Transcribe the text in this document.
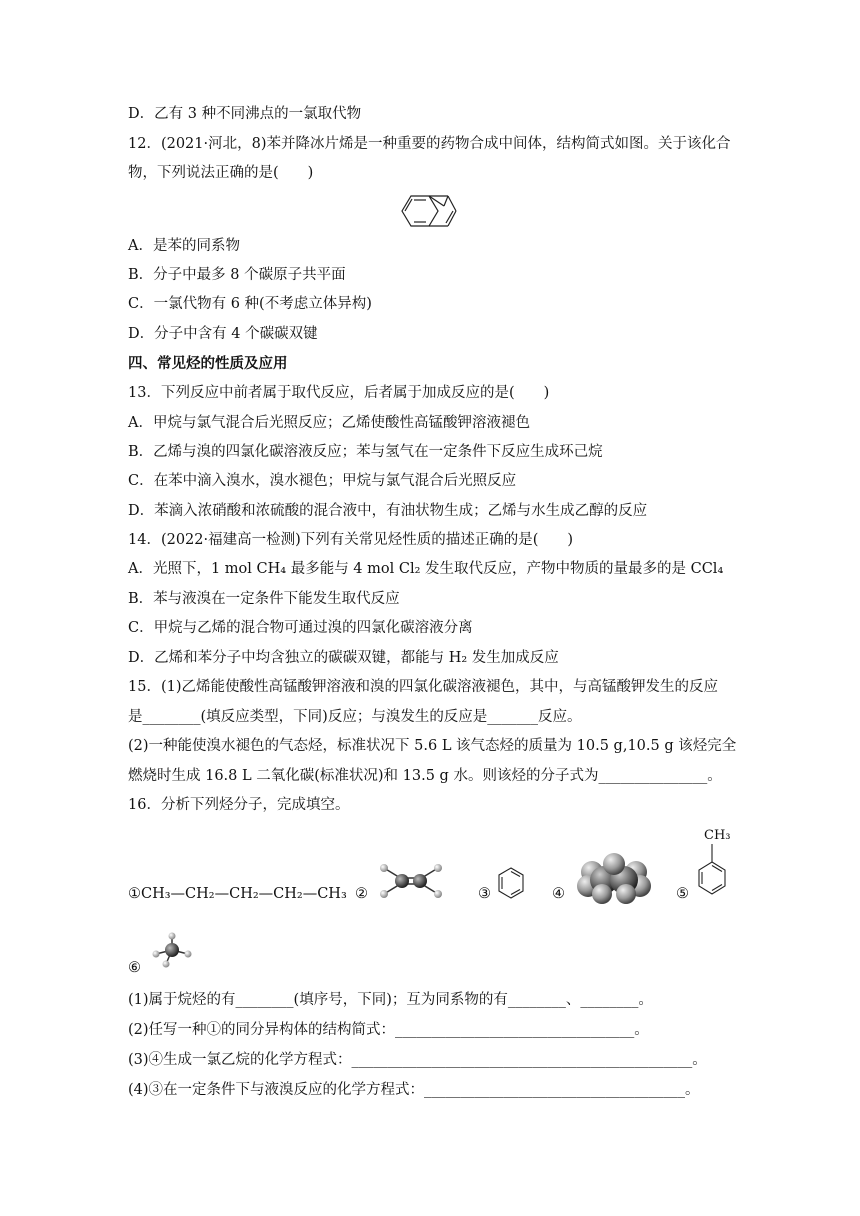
D．乙有 3 种不同沸点的一氯取代物
12．(2021·河北，8)苯并降冰片烯是一种重要的药物合成中间体，结构简式如图。关于该化合
物，下列说法正确的是(　　)
A．是苯的同系物
B．分子中最多 8 个碳原子共平面
C．一氯代物有 6 种(不考虑立体异构)
D．分子中含有 4 个碳碳双键
四、常见烃的性质及应用
13．下列反应中前者属于取代反应，后者属于加成反应的是(　　)
A．甲烷与氯气混合后光照反应；乙烯使酸性高锰酸钾溶液褪色
B．乙烯与溴的四氯化碳溶液反应；苯与氢气在一定条件下反应生成环己烷
C．在苯中滴入溴水，溴水褪色；甲烷与氯气混合后光照反应
D．苯滴入浓硝酸和浓硫酸的混合液中，有油状物生成；乙烯与水生成乙醇的反应
14．(2022·福建高一检测)下列有关常见烃性质的描述正确的是(　　)
A．光照下，1 mol CH₄ 最多能与 4 mol Cl₂ 发生取代反应，产物中物质的量最多的是 CCl₄
B．苯与液溴在一定条件下能发生取代反应
C．甲烷与乙烯的混合物可通过溴的四氯化碳溶液分离
D．乙烯和苯分子中均含独立的碳碳双键，都能与 H₂ 发生加成反应
15．(1)乙烯能使酸性高锰酸钾溶液和溴的四氯化碳溶液褪色，其中，与高锰酸钾发生的反应
是________(填反应类型，下同)反应；与溴发生的反应是_______反应。
(2)一种能使溴水褪色的气态烃，标准状况下 5.6 L 该气态烃的质量为 10.5 g,10.5 g 该烃完全
燃烧时生成 16.8 L 二氧化碳(标准状况)和 13.5 g 水。则该烃的分子式为_______________。
16．分析下列烃分子，完成填空。
①CH₃—CH₂—CH₂—CH₂—CH₃ ②	③	④	⑤
CH₃
⑥
(1)属于烷烃的有________(填序号，下同)；互为同系物的有________、________。
(2)任写一种①的同分异构体的结构简式：_________________________________。
(3)④生成一氯乙烷的化学方程式：_______________________________________________。
(4)③在一定条件下与液溴反应的化学方程式：____________________________________。
